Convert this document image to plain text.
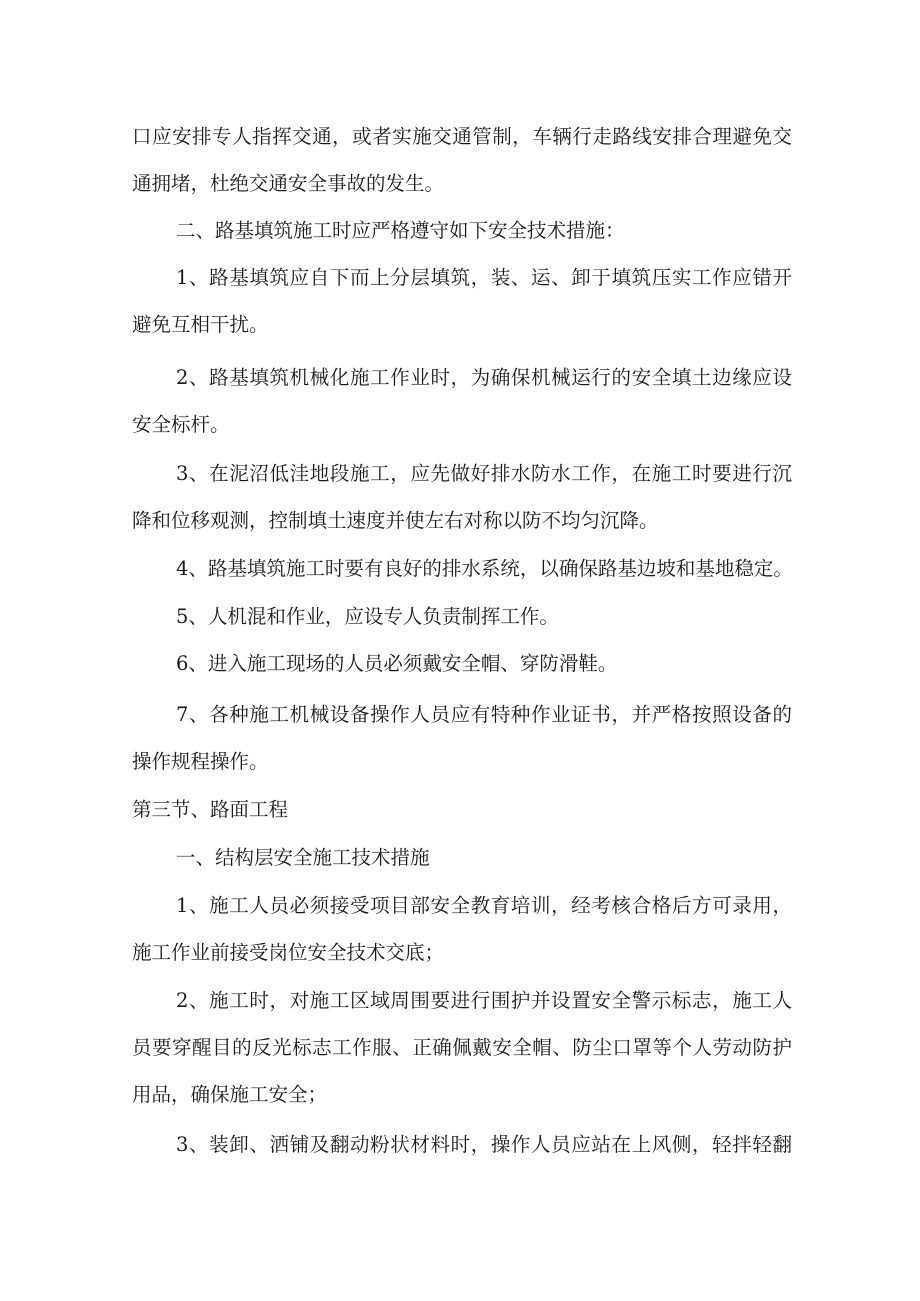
口应安排专人指挥交通，或者实施交通管制，车辆行走路线安排合理避免交
通拥堵，杜绝交通安全事故的发生。
二、路基填筑施工时应严格遵守如下安全技术措施：
1、路基填筑应自下而上分层填筑，装、运、卸于填筑压实工作应错开
避免互相干扰。
2、路基填筑机械化施工作业时，为确保机械运行的安全填土边缘应设
安全标杆。
3、在泥沼低洼地段施工，应先做好排水防水工作，在施工时要进行沉
降和位移观测，控制填土速度并使左右对称以防不均匀沉降。
4、路基填筑施工时要有良好的排水系统，以确保路基边坡和基地稳定。
5、人机混和作业，应设专人负责制挥工作。
6、进入施工现场的人员必须戴安全帽、穿防滑鞋。
7、各种施工机械设备操作人员应有特种作业证书，并严格按照设备的
操作规程操作。
第三节、路面工程
一、结构层安全施工技术措施
1、施工人员必须接受项目部安全教育培训，经考核合格后方可录用，
施工作业前接受岗位安全技术交底；
2、施工时，对施工区域周围要进行围护并设置安全警示标志，施工人
员要穿醒目的反光标志工作服、正确佩戴安全帽、防尘口罩等个人劳动防护
用品，确保施工安全；
3、装卸、洒铺及翻动粉状材料时，操作人员应站在上风侧，轻拌轻翻
